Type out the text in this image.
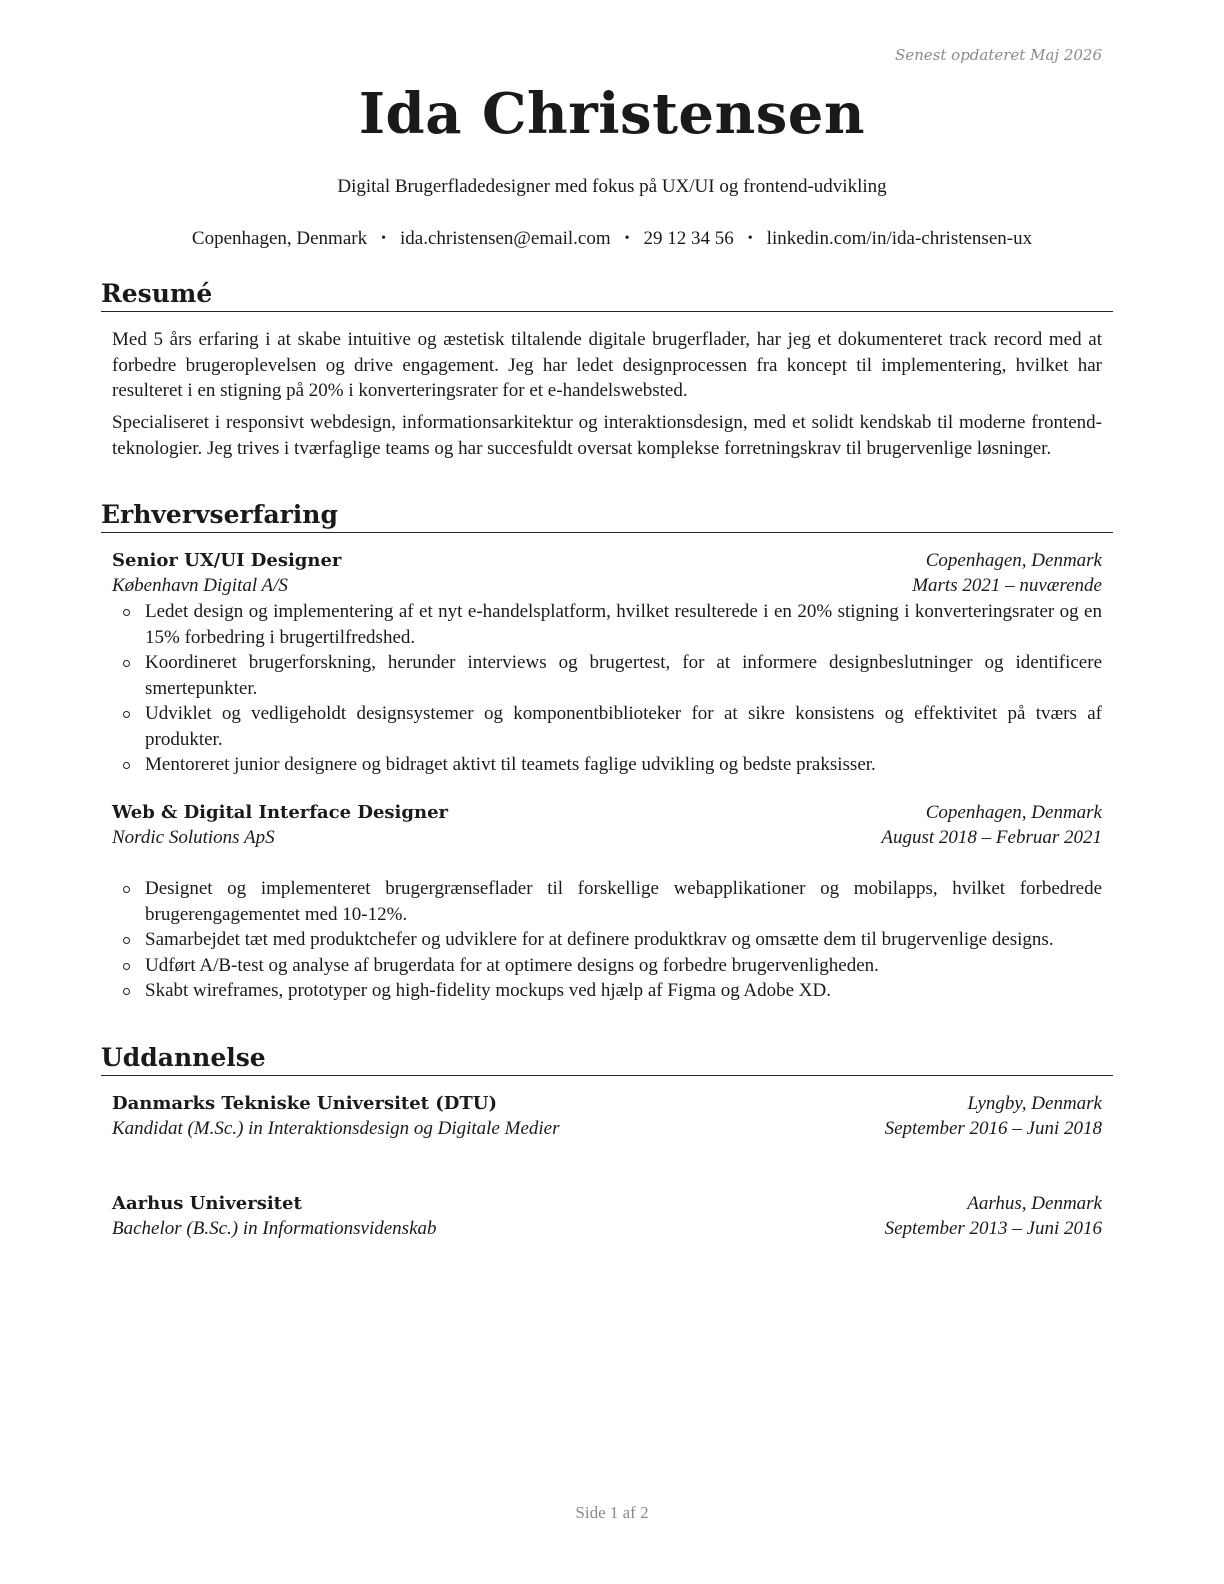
Senest opdateret Maj 2026
Ida Christensen
Digital Brugerfladedesigner med fokus på UX/UI og frontend-udvikling
Copenhagen, Denmark • ida.christensen@email.com • 29 12 34 56 • linkedin.com/in/ida-christensen-ux
Resumé

Med 5 års erfaring i at skabe intuitive og æstetisk tiltalende digitale brugerflader, har jeg et dokumenteret track record med at forbedre brugeroplevelsen og drive engagement. Jeg har ledet designprocessen fra koncept til implementering, hvilket har resulteret i en stigning på 20% i konverteringsrater for et e-handelswebsted.

Specialiseret i responsivt webdesign, informationsarkitektur og interaktionsdesign, med et solidt kendskab til moderne frontend-teknologier. Jeg trives i tværfaglige teams og har succesfuldt oversat komplekse forretningskrav til brugervenlige løsninger.

Erhvervserfaring
Senior UX/UI Designer	Copenhagen, Denmark
København Digital A/S	Marts 2021 – nuværende
Ledet design og implementering af et nyt e-handelsplatform, hvilket resulterede i en 20% stigning i konverteringsrater og en 15% forbedring i brugertilfredshed.
Koordineret brugerforskning, herunder interviews og brugertest, for at informere designbeslutninger og identificere smertepunkter.
Udviklet og vedligeholdt designsystemer og komponentbiblioteker for at sikre konsistens og effektivitet på tværs af produkter.
Mentoreret junior designere og bidraget aktivt til teamets faglige udvikling og bedste praksisser.
Web & Digital Interface Designer	Copenhagen, Denmark
Nordic Solutions ApS	August 2018 – Februar 2021
Designet og implementeret brugergrænseflader til forskellige webapplikationer og mobilapps, hvilket forbedrede brugerengagementet med 10-12%.
Samarbejdet tæt med produktchefer og udviklere for at definere produktkrav og omsætte dem til brugervenlige designs.
Udført A/B-test og analyse af brugerdata for at optimere designs og forbedre brugervenligheden.
Skabt wireframes, prototyper og high-fidelity mockups ved hjælp af Figma og Adobe XD.
Uddannelse
Danmarks Tekniske Universitet (DTU)	Lyngby, Denmark
Kandidat (M.Sc.) in Interaktionsdesign og Digitale Medier	September 2016 – Juni 2018
Aarhus Universitet	Aarhus, Denmark
Bachelor (B.Sc.) in Informationsvidenskab	September 2013 – Juni 2016
Side 1 af 2
